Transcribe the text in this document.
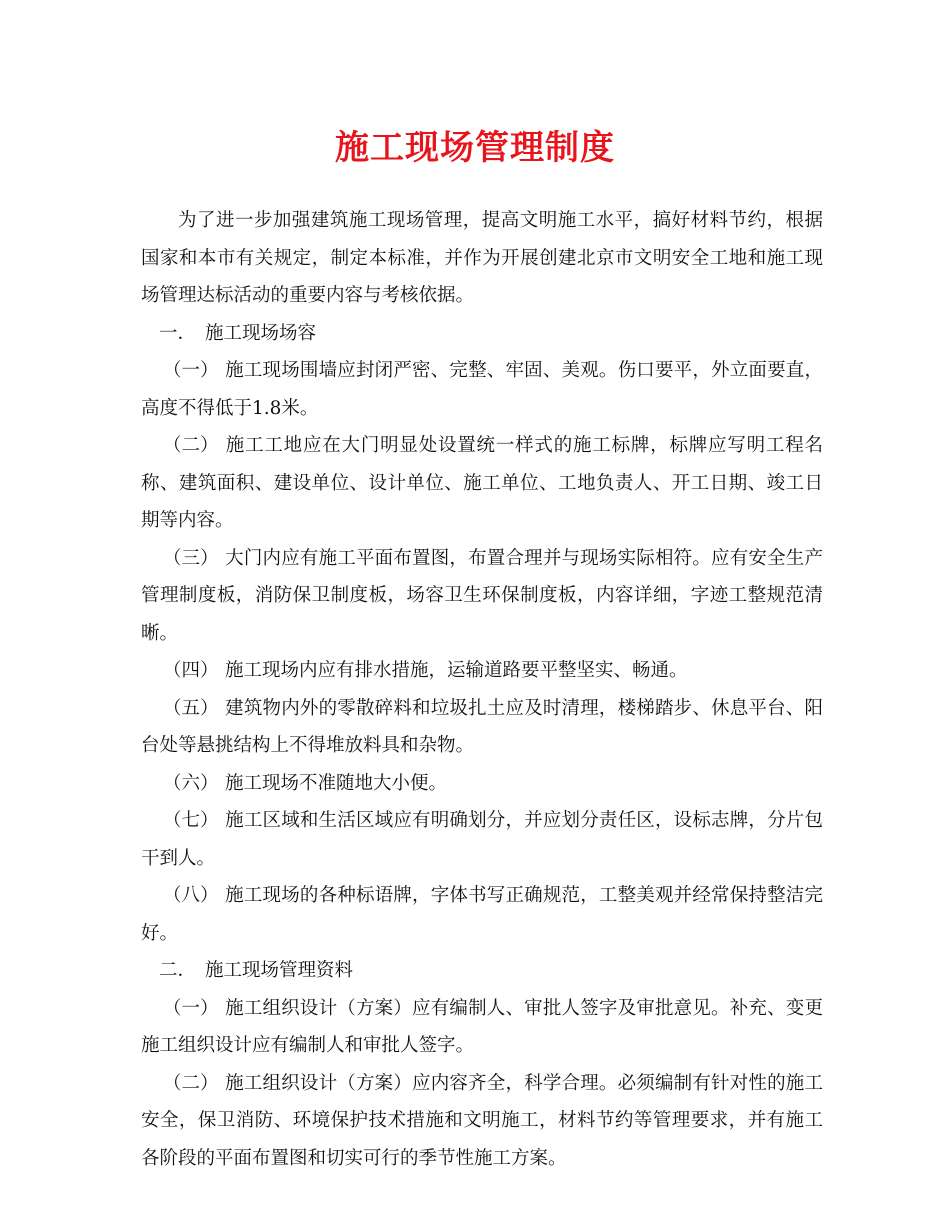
施工现场管理制度

为了进一步加强建筑施工现场管理，提高文明施工水平，搞好材料节约，根据国家和本市有关规定，制定本标准，并作为开展创建北京市文明安全工地和施工现场管理达标活动的重要内容与考核依据。

一． 施工现场场容

（一） 施工现场围墙应封闭严密、完整、牢固、美观。伤口要平，外立面要直，高度不得低于1.8米。

（二） 施工工地应在大门明显处设置统一样式的施工标牌，标牌应写明工程名称、建筑面积、建设单位、设计单位、施工单位、工地负责人、开工日期、竣工日期等内容。

（三） 大门内应有施工平面布置图，布置合理并与现场实际相符。应有安全生产管理制度板，消防保卫制度板，场容卫生环保制度板，内容详细，字迹工整规范清晰。

（四） 施工现场内应有排水措施，运输道路要平整坚实、畅通。

（五） 建筑物内外的零散碎料和垃圾扎土应及时清理，楼梯踏步、休息平台、阳台处等悬挑结构上不得堆放料具和杂物。

（六） 施工现场不准随地大小便。

（七） 施工区域和生活区域应有明确划分，并应划分责任区，设标志牌，分片包干到人。

（八） 施工现场的各种标语牌，字体书写正确规范，工整美观并经常保持整洁完好。

二． 施工现场管理资料

（一） 施工组织设计（方案）应有编制人、审批人签字及审批意见。补充、变更施工组织设计应有编制人和审批人签字。

（二） 施工组织设计（方案）应内容齐全，科学合理。必须编制有针对性的施工安全，保卫消防、环境保护技术措施和文明施工，材料节约等管理要求，并有施工各阶段的平面布置图和切实可行的季节性施工方案。
